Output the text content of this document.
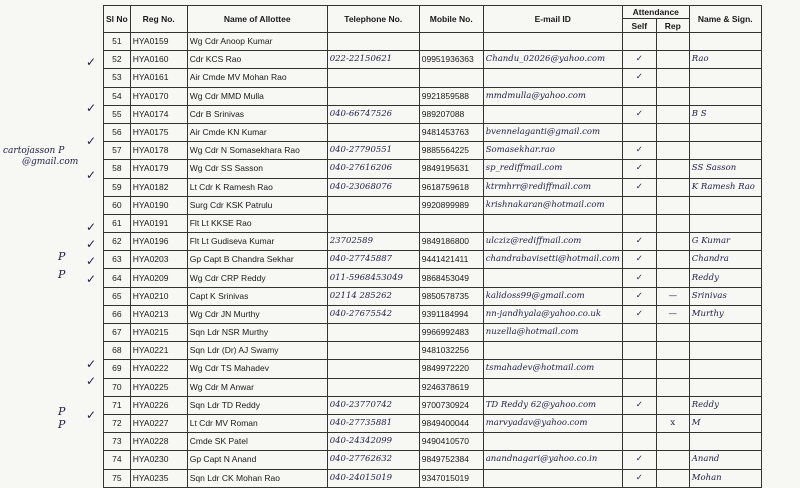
Sl No	Reg No.	Name of Allottee	Telephone No.	Mobile No.	E-mail ID	Attendance		Name & Sign.
						Self	Rep	
51	HYA0159	Wg Cdr Anoop Kumar						
52	HYA0160	Cdr KCS Rao	022-22150621	09951936363	Chandu_02026@yahoo.com	✓		Rao
53	HYA0161	Air Cmde MV Mohan Rao				✓		
54	HYA0170	Wg Cdr MMD Mulla		9921859588	mmdmulla@yahoo.com			
55	HYA0174	Cdr B Srinivas	040-66747526	989207088		✓		B S
56	HYA0175	Air Cmde KN Kumar		9481453763	bvennelaganti@gmail.com			
57	HYA0178	Wg Cdr N Somasekhara Rao	040-27790551	9885564225	Somasekhar.rao	✓		
58	HYA0179	Wg Cdr SS Sasson	040-27616206	9849195631	sp_rediffmail.com	✓		SS Sasson
59	HYA0182	Lt Cdr K Ramesh Rao	040-23068076	9618759618	ktrmhrr@rediffmail.com	✓		K Ramesh Rao
60	HYA0190	Surg Cdr KSK Patrulu		9920899989	krishnakaran@hotmail.com			
61	HYA0191	Flt Lt KKSE Rao						
62	HYA0196	Flt Lt Gudiseva Kumar	23702589	9849186800	ulcziz@rediffmail.com	✓		G Kumar
63	HYA0203	Gp Capt B Chandra Sekhar	040-27745887	9441421411	chandrabavisetti@hotmail.com	✓		Chandra
64	HYA0209	Wg Cdr CRP Reddy	011-5968453049	9868453049		✓		Reddy
65	HYA0210	Capt K Srinivas	02114 285262	9850578735	kalidoss99@gmail.com	✓	—	Srinivas
66	HYA0213	Wg Cdr JN Murthy	040-27675542	9391184994	nn-jandhyala@yahoo.co.uk	✓	—	Murthy
67	HYA0215	Sqn Ldr NSR Murthy		9966992483	nuzella@hotmail.com			
68	HYA0221	Sqn Ldr (Dr) AJ Swamy		9481032256				
69	HYA0222	Wg Cdr TS Mahadev		9849972220	tsmahadev@hotmail.com			
70	HYA0225	Wg Cdr M Anwar		9246378619				
71	HYA0226	Sqn Ldr TD Reddy	040-23770742	9700730924	TD Reddy 62@yahoo.com	✓		Reddy
72	HYA0227	Lt Cdr MV Roman	040-27735881	9849400044	marvyadav@yahoo.com		x	M
73	HYA0228	Cmde SK Patel	040-24342099	9490410570				
74	HYA0230	Gp Capt N Anand	040-27762632	9849752384	anandnagari@yahoo.co.in	✓		Anand
75	HYA0235	Sqn Ldr CK Mohan Rao	040-24015019	9347015019		✓		Mohan
cartojasson P
@gmail.com
P
P
P
P
✓
✓
✓
✓
✓
✓
✓
✓
✓
✓
✓
